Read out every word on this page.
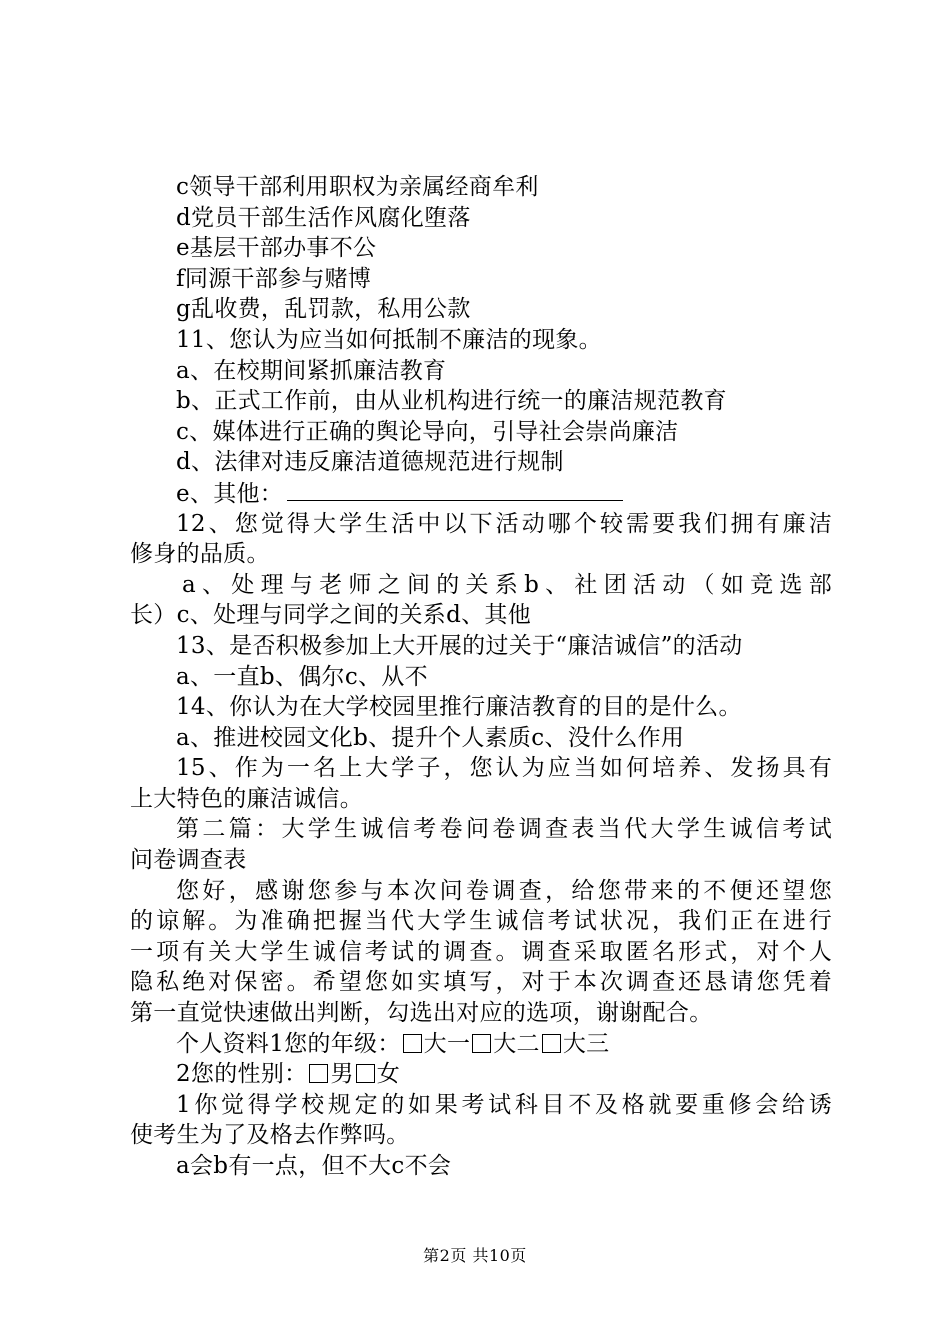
c领导干部利用职权为亲属经商牟利
d党员干部生活作风腐化堕落
e基层干部办事不公
f同源干部参与赌博
g乱收费，乱罚款，私用公款
11、您认为应当如何抵制不廉洁的现象。
a、在校期间紧抓廉洁教育
b、正式工作前，由从业机构进行统一的廉洁规范教育
c、媒体进行正确的舆论导向，引导社会崇尚廉洁
d、法律对违反廉洁道德规范进行规制
e、其他：
12、您觉得大学生活中以下活动哪个较需要我们拥有廉洁
修身的品质。
a、处理与老师之间的关系b、社团活动（如竞选部
长）c、处理与同学之间的关系d、其他
13、是否积极参加上大开展的过关于“廉洁诚信”的活动
a、一直b、偶尔c、从不
14、你认为在大学校园里推行廉洁教育的目的是什么。
a、推进校园文化b、提升个人素质c、没什么作用
15、作为一名上大学子，您认为应当如何培养、发扬具有
上大特色的廉洁诚信。
第二篇：大学生诚信考卷问卷调查表当代大学生诚信考试
问卷调查表
您好，感谢您参与本次问卷调查，给您带来的不便还望您
的谅解。为准确把握当代大学生诚信考试状况，我们正在进行
一项有关大学生诚信考试的调查。调查采取匿名形式，对个人
隐私绝对保密。希望您如实填写，对于本次调查还恳请您凭着
第一直觉快速做出判断，勾选出对应的选项，谢谢配合。
个人资料1您的年级： 大一 大二 大三
2您的性别： 男 女
1你觉得学校规定的如果考试科目不及格就要重修会给诱
使考生为了及格去作弊吗。
a会b有一点，但不大c不会
第2页 共10页
